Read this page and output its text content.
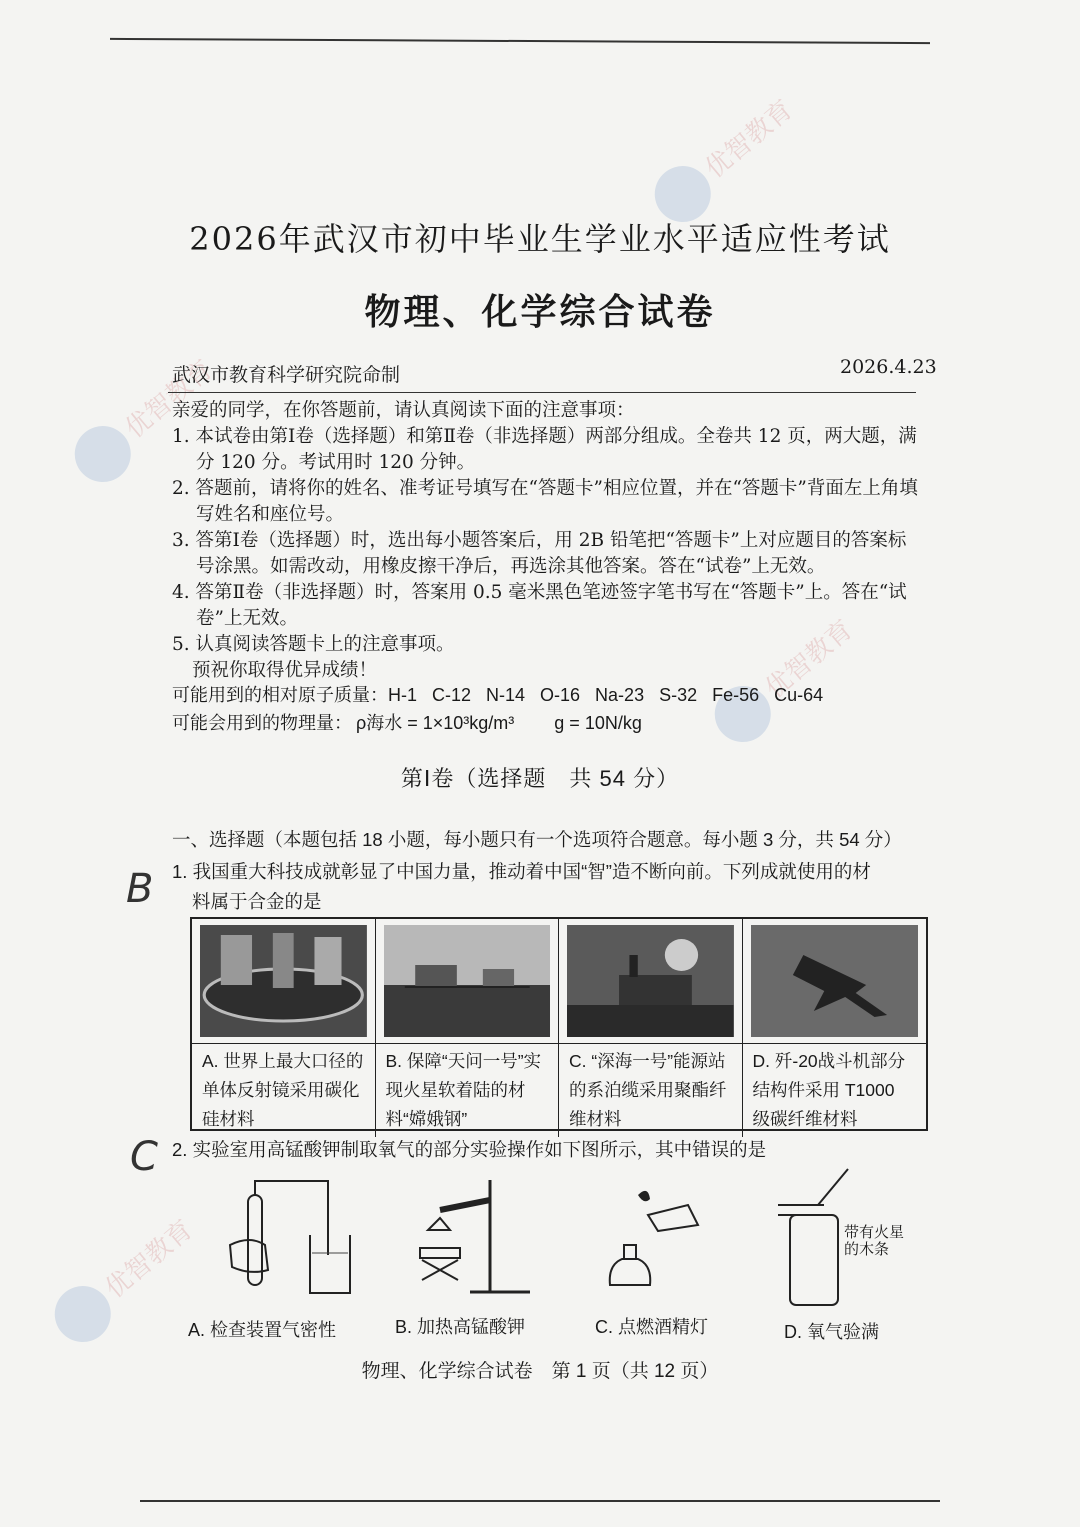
优智教育
优智教育
优智教育
优智教育
2026年武汉市初中毕业生学业水平适应性考试
物理、化学综合试卷
武汉市教育科学研究院命制	2026.4.23
亲爱的同学，在你答题前，请认真阅读下面的注意事项：
1. 本试卷由第Ⅰ卷（选择题）和第Ⅱ卷（非选择题）两部分组成。全卷共 12 页，两大题，满分 120 分。考试用时 120 分钟。
2. 答题前，请将你的姓名、准考证号填写在“答题卡”相应位置，并在“答题卡”背面左上角填写姓名和座位号。
3. 答第Ⅰ卷（选择题）时，选出每小题答案后，用 2B 铅笔把“答题卡”上对应题目的答案标号涂黑。如需改动，用橡皮擦干净后，再选涂其他答案。答在“试卷”上无效。
4. 答第Ⅱ卷（非选择题）时，答案用 0.5 毫米黑色笔迹签字笔书写在“答题卡”上。答在“试卷”上无效。
5. 认真阅读答题卡上的注意事项。
预祝你取得优异成绩！
可能用到的相对原子质量：H-1 C-12 N-14 O-16 Na-23 S-32 Fe-56 Cu-64
可能会用到的物理量： ρ海水 = 1×10³kg/m³ g = 10N/kg
第Ⅰ卷（选择题　共 54 分）
一、选择题（本题包括 18 小题，每小题只有一个选项符合题意。每小题 3 分，共 54 分）
B 1. 我国重大科技成就彰显了中国力量，推动着中国“智”造不断向前。下列成就使用的材
料属于合金的是
A. 世界上最大口径的单体反射镜采用碳化硅材料
B. 保障“天问一号”实现火星软着陆的材料“嫦娥钢”
C. “深海一号”能源站的系泊缆采用聚酯纤维材料
D. 歼-20战斗机部分结构件采用 T1000 级碳纤维材料
C 2. 实验室用高锰酸钾制取氧气的部分实验操作如下图所示，其中错误的是
A. 检查装置气密性	B. 加热高锰酸钾	C. 点燃酒精灯
带有火星的木条
D. 氧气验满
物理、化学综合试卷　第 1 页（共 12 页）
